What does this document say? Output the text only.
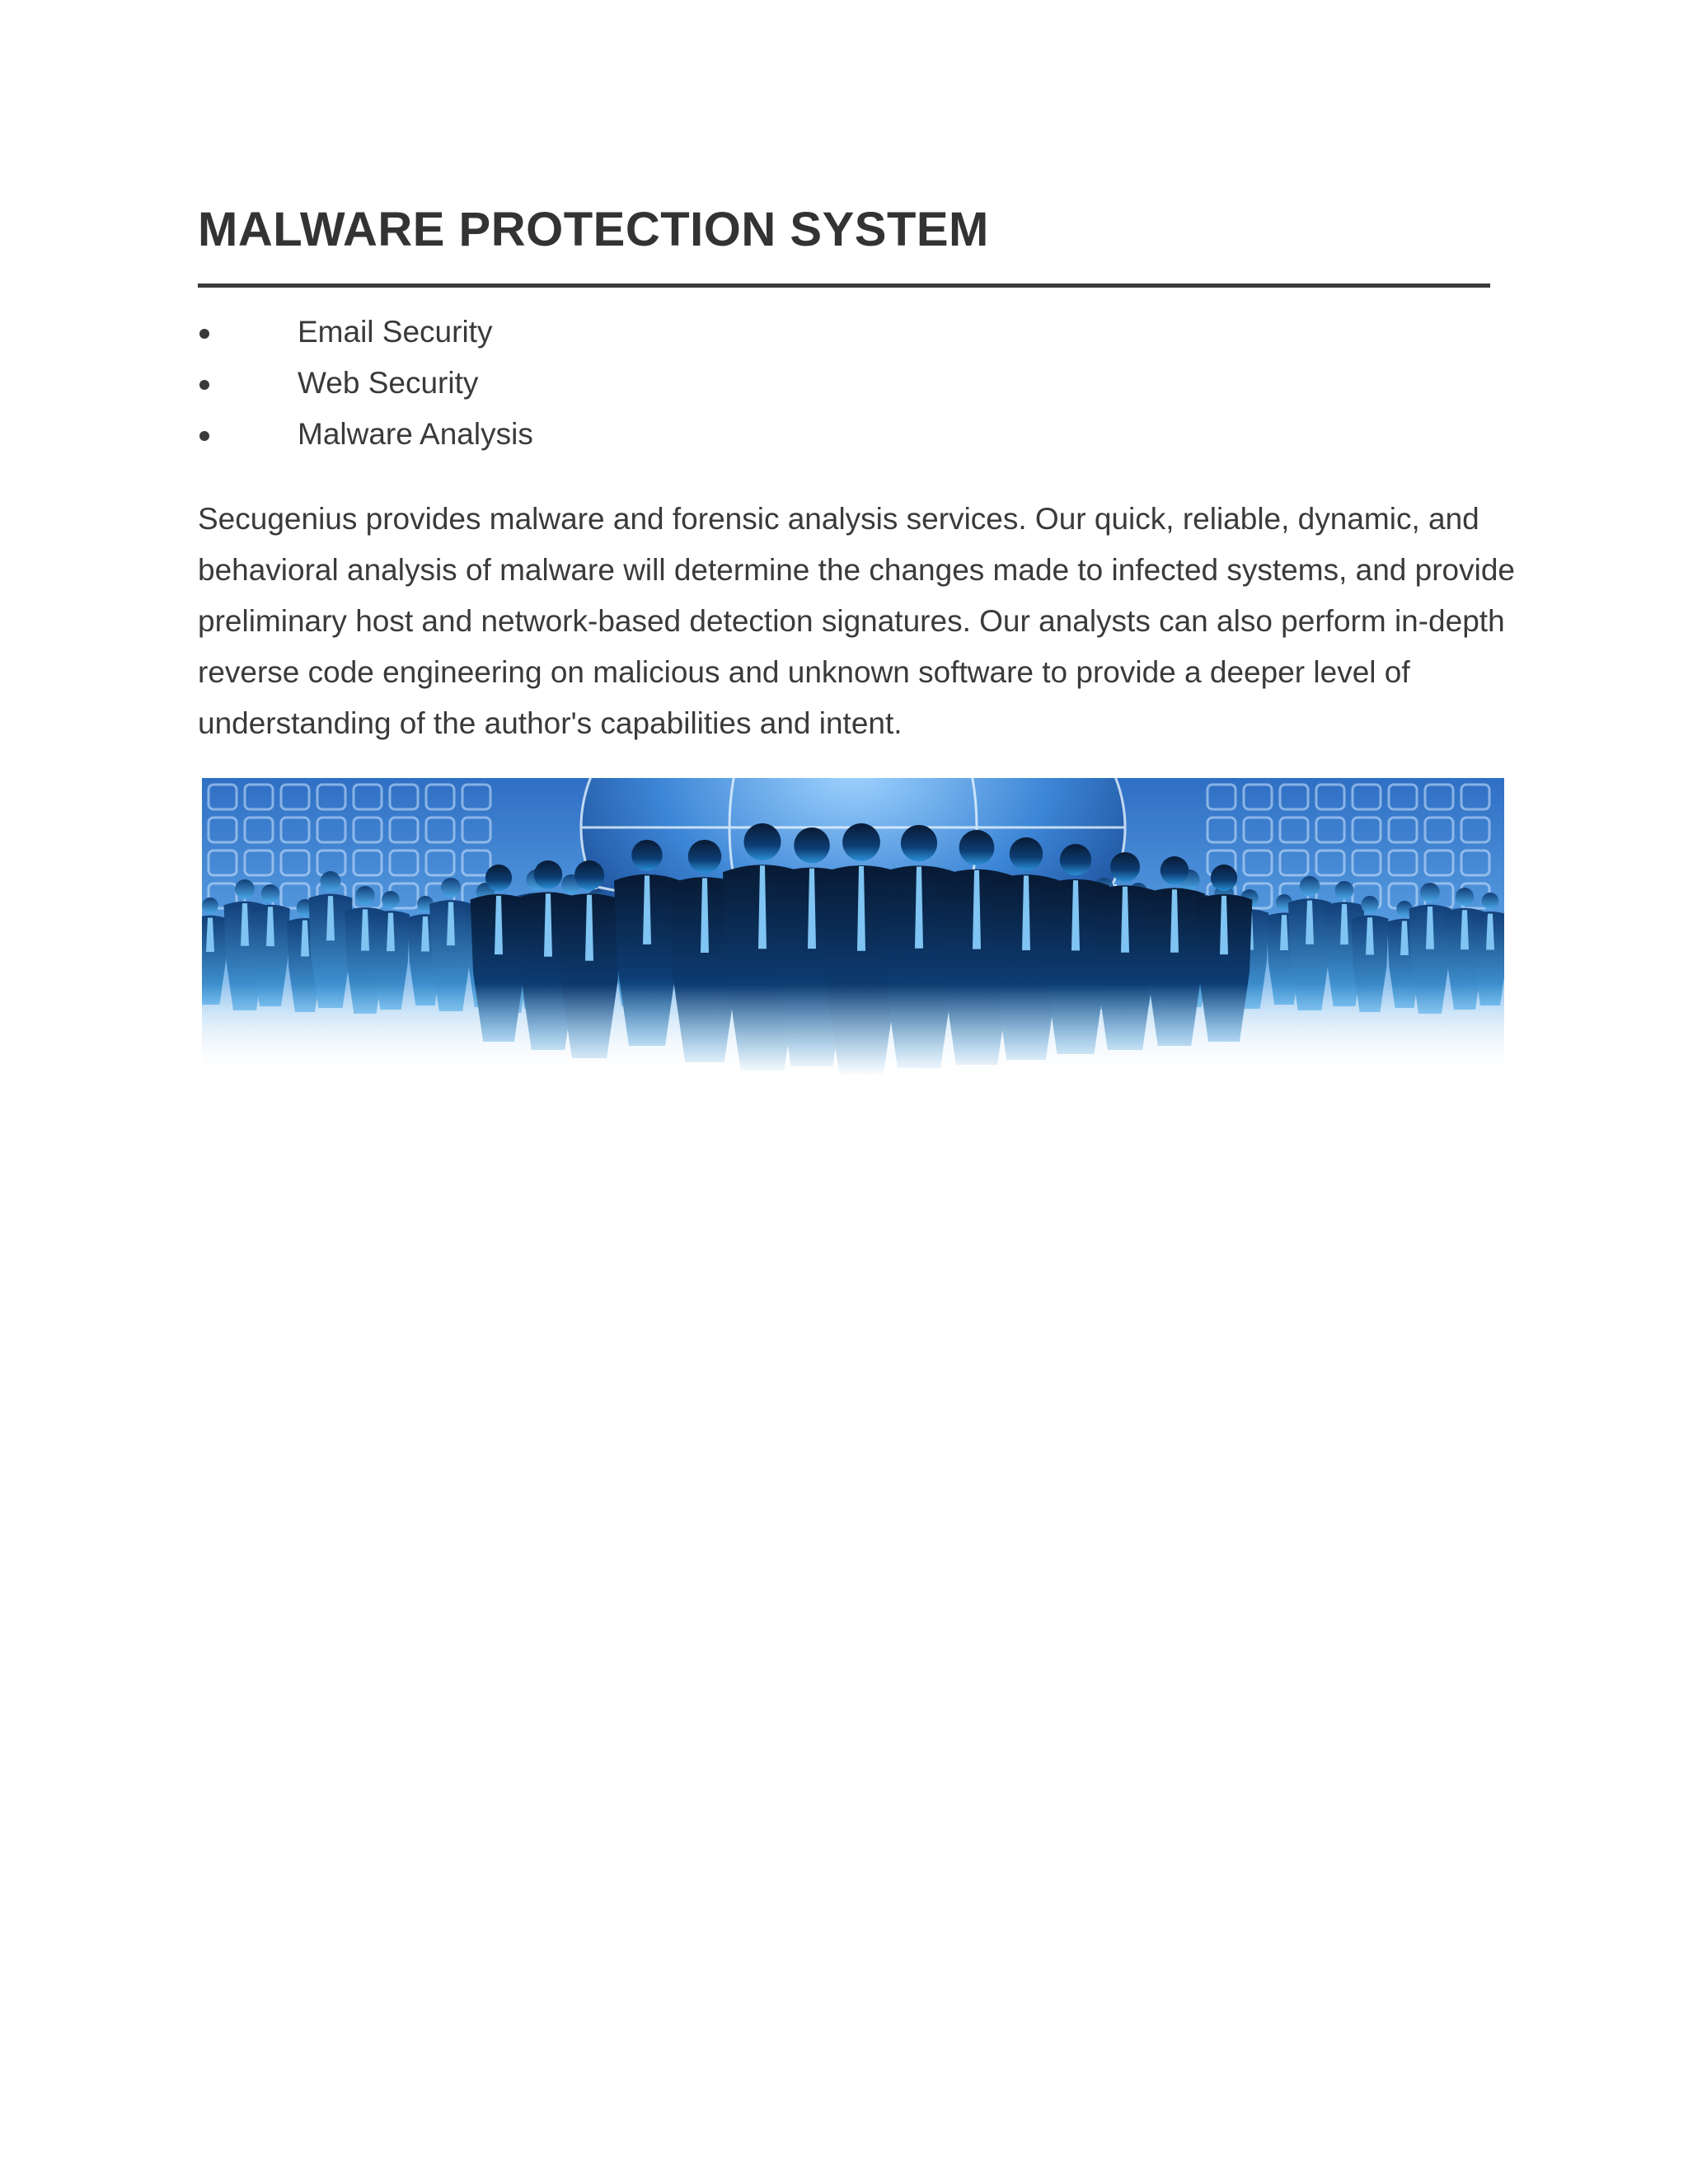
MALWARE PROTECTION SYSTEM
Email Security
Web Security
Malware Analysis

Secugenius provides malware and forensic analysis services. Our quick, reliable, dynamic, and behavioral analysis of malware will determine the changes made to infected systems, and provide preliminary host and network-based detection signatures. Our analysts can also perform in-depth reverse code engineering on malicious and unknown software to provide a deeper level of understanding of the author's capabilities and intent.
